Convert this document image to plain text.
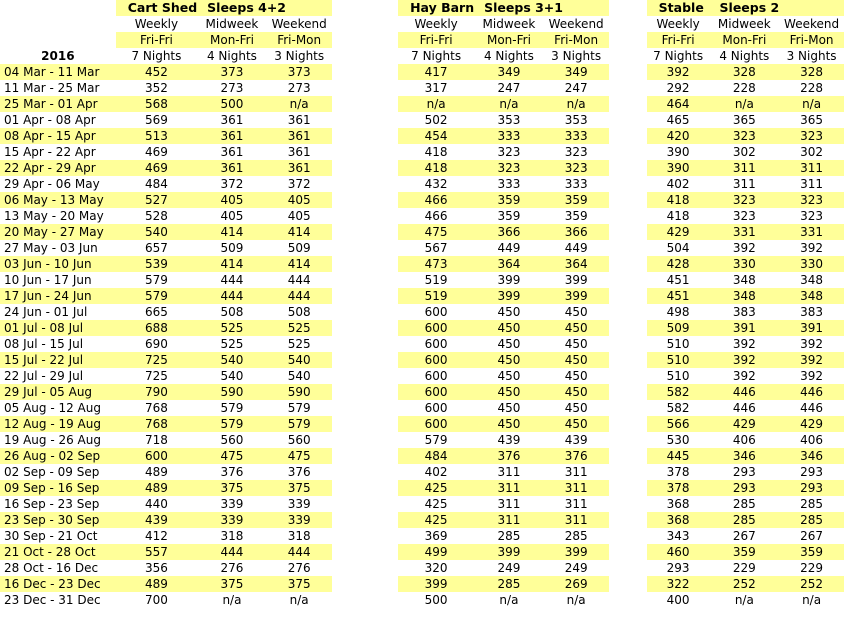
	Cart Shed	Sleeps 4+2			Hay Barn	Sleeps 3+1			Stable	Sleeps 2	
	Weekly	Midweek	Weekend		Weekly	Midweek	Weekend		Weekly	Midweek	Weekend
	Fri-Fri	Mon-Fri	Fri-Mon		Fri-Fri	Mon-Fri	Fri-Mon		Fri-Fri	Mon-Fri	Fri-Mon
2016	7 Nights	4 Nights	3 Nights		7 Nights	4 Nights	3 Nights		7 Nights	4 Nights	3 Nights
04 Mar - 11 Mar	452	373	373		417	349	349		392	328	328
11 Mar - 25 Mar	352	273	273		317	247	247		292	228	228
25 Mar - 01 Apr	568	500	n/a		n/a	n/a	n/a		464	n/a	n/a
01 Apr - 08 Apr	569	361	361		502	353	353		465	365	365
08 Apr - 15 Apr	513	361	361		454	333	333		420	323	323
15 Apr - 22 Apr	469	361	361		418	323	323		390	302	302
22 Apr - 29 Apr	469	361	361		418	323	323		390	311	311
29 Apr - 06 May	484	372	372		432	333	333		402	311	311
06 May - 13 May	527	405	405		466	359	359		418	323	323
13 May - 20 May	528	405	405		466	359	359		418	323	323
20 May - 27 May	540	414	414		475	366	366		429	331	331
27 May - 03 Jun	657	509	509		567	449	449		504	392	392
03 Jun - 10 Jun	539	414	414		473	364	364		428	330	330
10 Jun - 17 Jun	579	444	444		519	399	399		451	348	348
17 Jun - 24 Jun	579	444	444		519	399	399		451	348	348
24 Jun - 01 Jul	665	508	508		600	450	450		498	383	383
01 Jul - 08 Jul	688	525	525		600	450	450		509	391	391
08 Jul - 15 Jul	690	525	525		600	450	450		510	392	392
15 Jul - 22 Jul	725	540	540		600	450	450		510	392	392
22 Jul - 29 Jul	725	540	540		600	450	450		510	392	392
29 Jul - 05 Aug	790	590	590		600	450	450		582	446	446
05 Aug - 12 Aug	768	579	579		600	450	450		582	446	446
12 Aug - 19 Aug	768	579	579		600	450	450		566	429	429
19 Aug - 26 Aug	718	560	560		579	439	439		530	406	406
26 Aug - 02 Sep	600	475	475		484	376	376		445	346	346
02 Sep - 09 Sep	489	376	376		402	311	311		378	293	293
09 Sep - 16 Sep	489	375	375		425	311	311		378	293	293
16 Sep - 23 Sep	440	339	339		425	311	311		368	285	285
23 Sep - 30 Sep	439	339	339		425	311	311		368	285	285
30 Sep - 21 Oct	412	318	318		369	285	285		343	267	267
21 Oct - 28 Oct	557	444	444		499	399	399		460	359	359
28 Oct - 16 Dec	356	276	276		320	249	249		293	229	229
16 Dec - 23 Dec	489	375	375		399	285	269		322	252	252
23 Dec - 31 Dec	700	n/a	n/a		500	n/a	n/a		400	n/a	n/a
